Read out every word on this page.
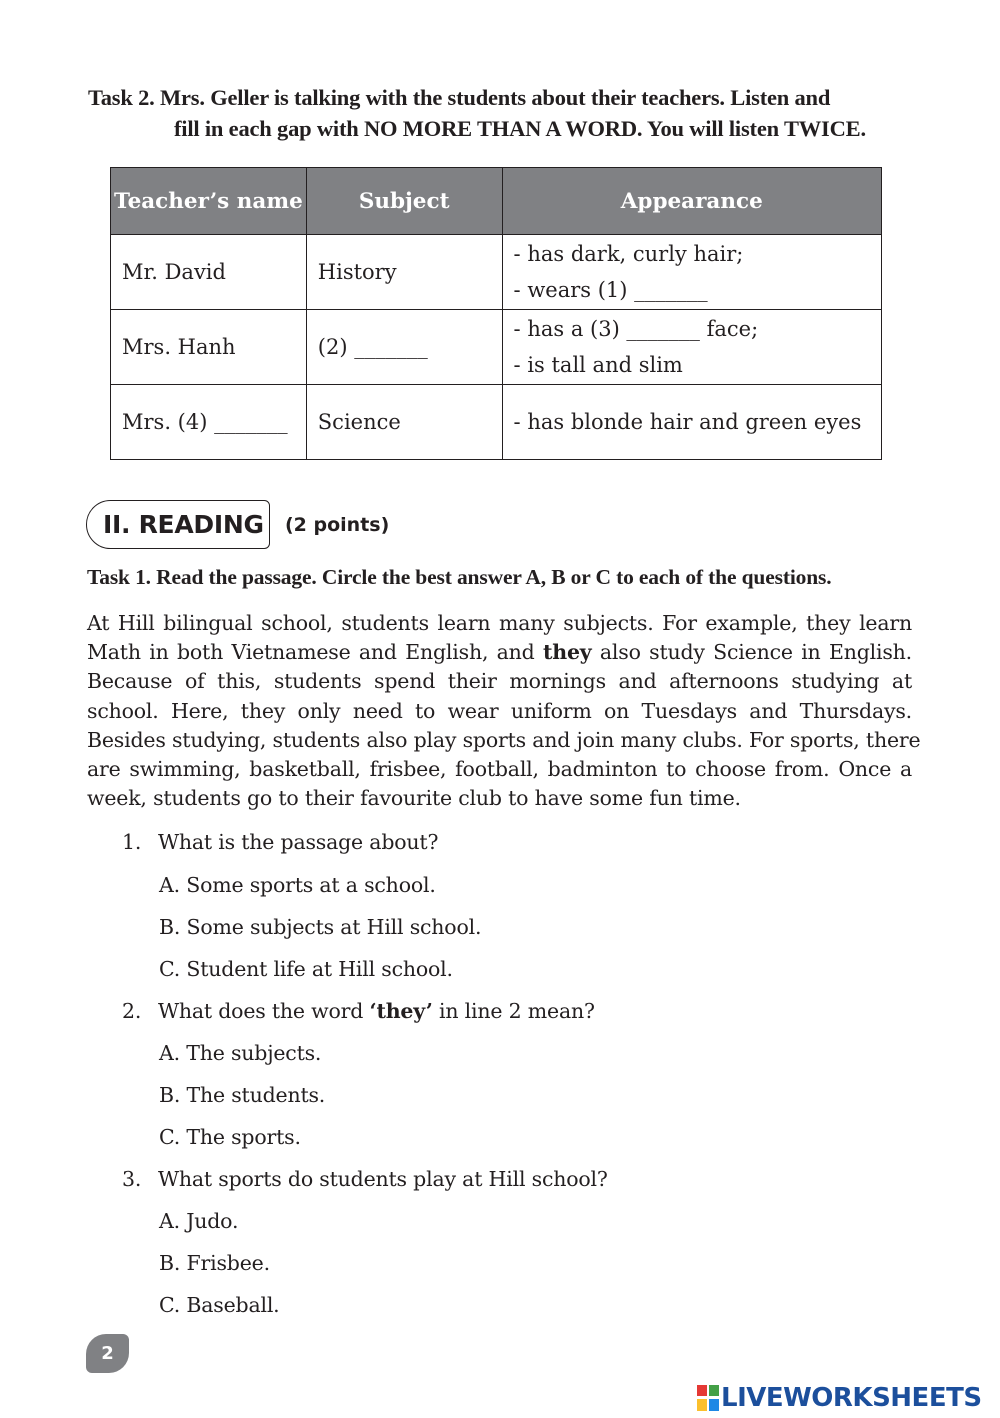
Task 2. Mrs. Geller is talking with the students about their teachers. Listen and
fill in each gap with NO MORE THAN A WORD. You will listen TWICE.
Teacher’s name	Subject	Appearance
Mr. David	History	- has dark, curly hair;
- wears (1) _______

Mrs. Hanh	(2) _______	- has a (3) _______ face;
- is tall and slim

Mrs. (4) _______	Science	- has blonde hair and green eyes
II. READING (2 points)
Task 1. Read the passage. Circle the best answer A, B or C to each of the questions.
At Hill bilingual school, students learn many subjects. For example, they learn
Math in both Vietnamese and English, and they also study Science in English.
Because of this, students spend their mornings and afternoons studying at
school. Here, they only need to wear uniform on Tuesdays and Thursdays.
Besides studying, students also play sports and join many clubs. For sports, there
are swimming, basketball, frisbee, football, badminton to choose from. Once a
week, students go to their favourite club to have some fun time.
1. What is the passage about?
A. Some sports at a school.
B. Some subjects at Hill school.
C. Student life at Hill school.
2. What does the word ‘they’ in line 2 mean?
A. The subjects.
B. The students.
C. The sports.
3. What sports do students play at Hill school?
A. Judo.
B. Frisbee.
C. Baseball.
2
LIVEWORKSHEETS
